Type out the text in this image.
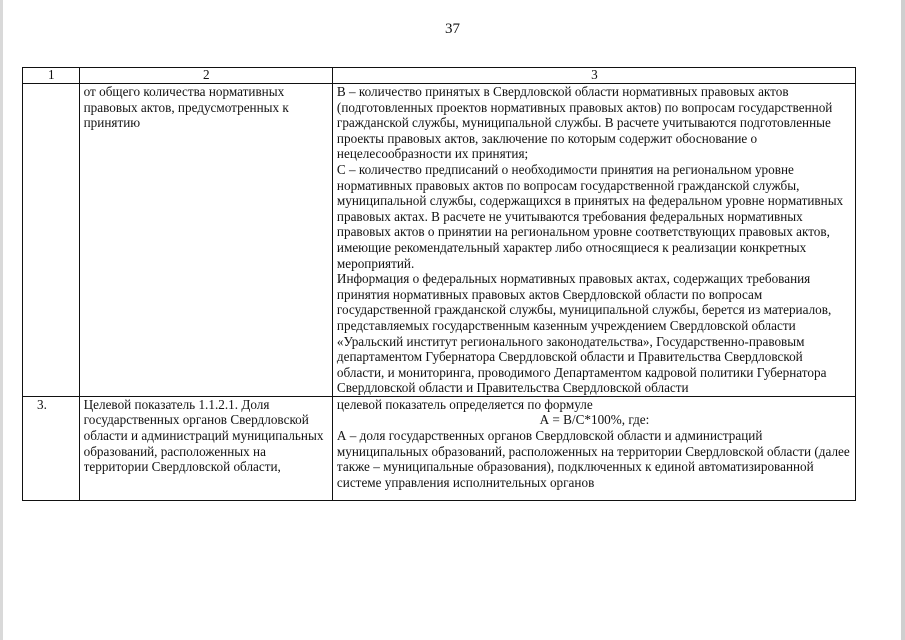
37
1	2	3
	от общего количества нормативных правовых актов, предусмотренных к принятию	В – количество принятых в Свердловской области нормативных правовых актов (подготовленных проектов нормативных правовых актов) по вопросам государственной гражданской службы, муниципальной службы. В расчете учитываются подготовленные проекты правовых актов, заключение по которым содержит обоснование о нецелесообразности их принятия;

С – количество предписаний о необходимости принятия на региональном уровне нормативных правовых актов по вопросам государственной гражданской службы, муниципальной службы, содержащихся в принятых на федеральном уровне нормативных правовых актах. В расчете не учитываются требования федеральных нормативных правовых актов о принятии на региональном уровне соответствующих правовых актов, имеющие рекомендательный характер либо относящиеся к реализации конкретных мероприятий.

Информация о федеральных нормативных правовых актах, содержащих требования принятия нормативных правовых актов Свердловской области по вопросам государственной гражданской службы, муниципальной службы, берется из материалов, представляемых государственным казенным учреждением Свердловской области «Уральский институт регионального законодательства», Государственно-правовым департаментом Губернатора Свердловской области и Правительства Свердловской области, и мониторинга, проводимого Департаментом кадровой политики Губернатора Свердловской области и Правительства Свердловской области

3.	Целевой показатель 1.1.2.1. Доля государственных органов Свердловской области и администраций муниципальных образований, расположенных на территории Свердловской области,	целевой показатель определяется по формуле

А = В/С*100%, где:

А – доля государственных органов Свердловской области и администраций муниципальных образований, расположенных на территории Свердловской области (далее также – муниципальные образования), подключенных к единой автоматизированной системе управления исполнительных органов
